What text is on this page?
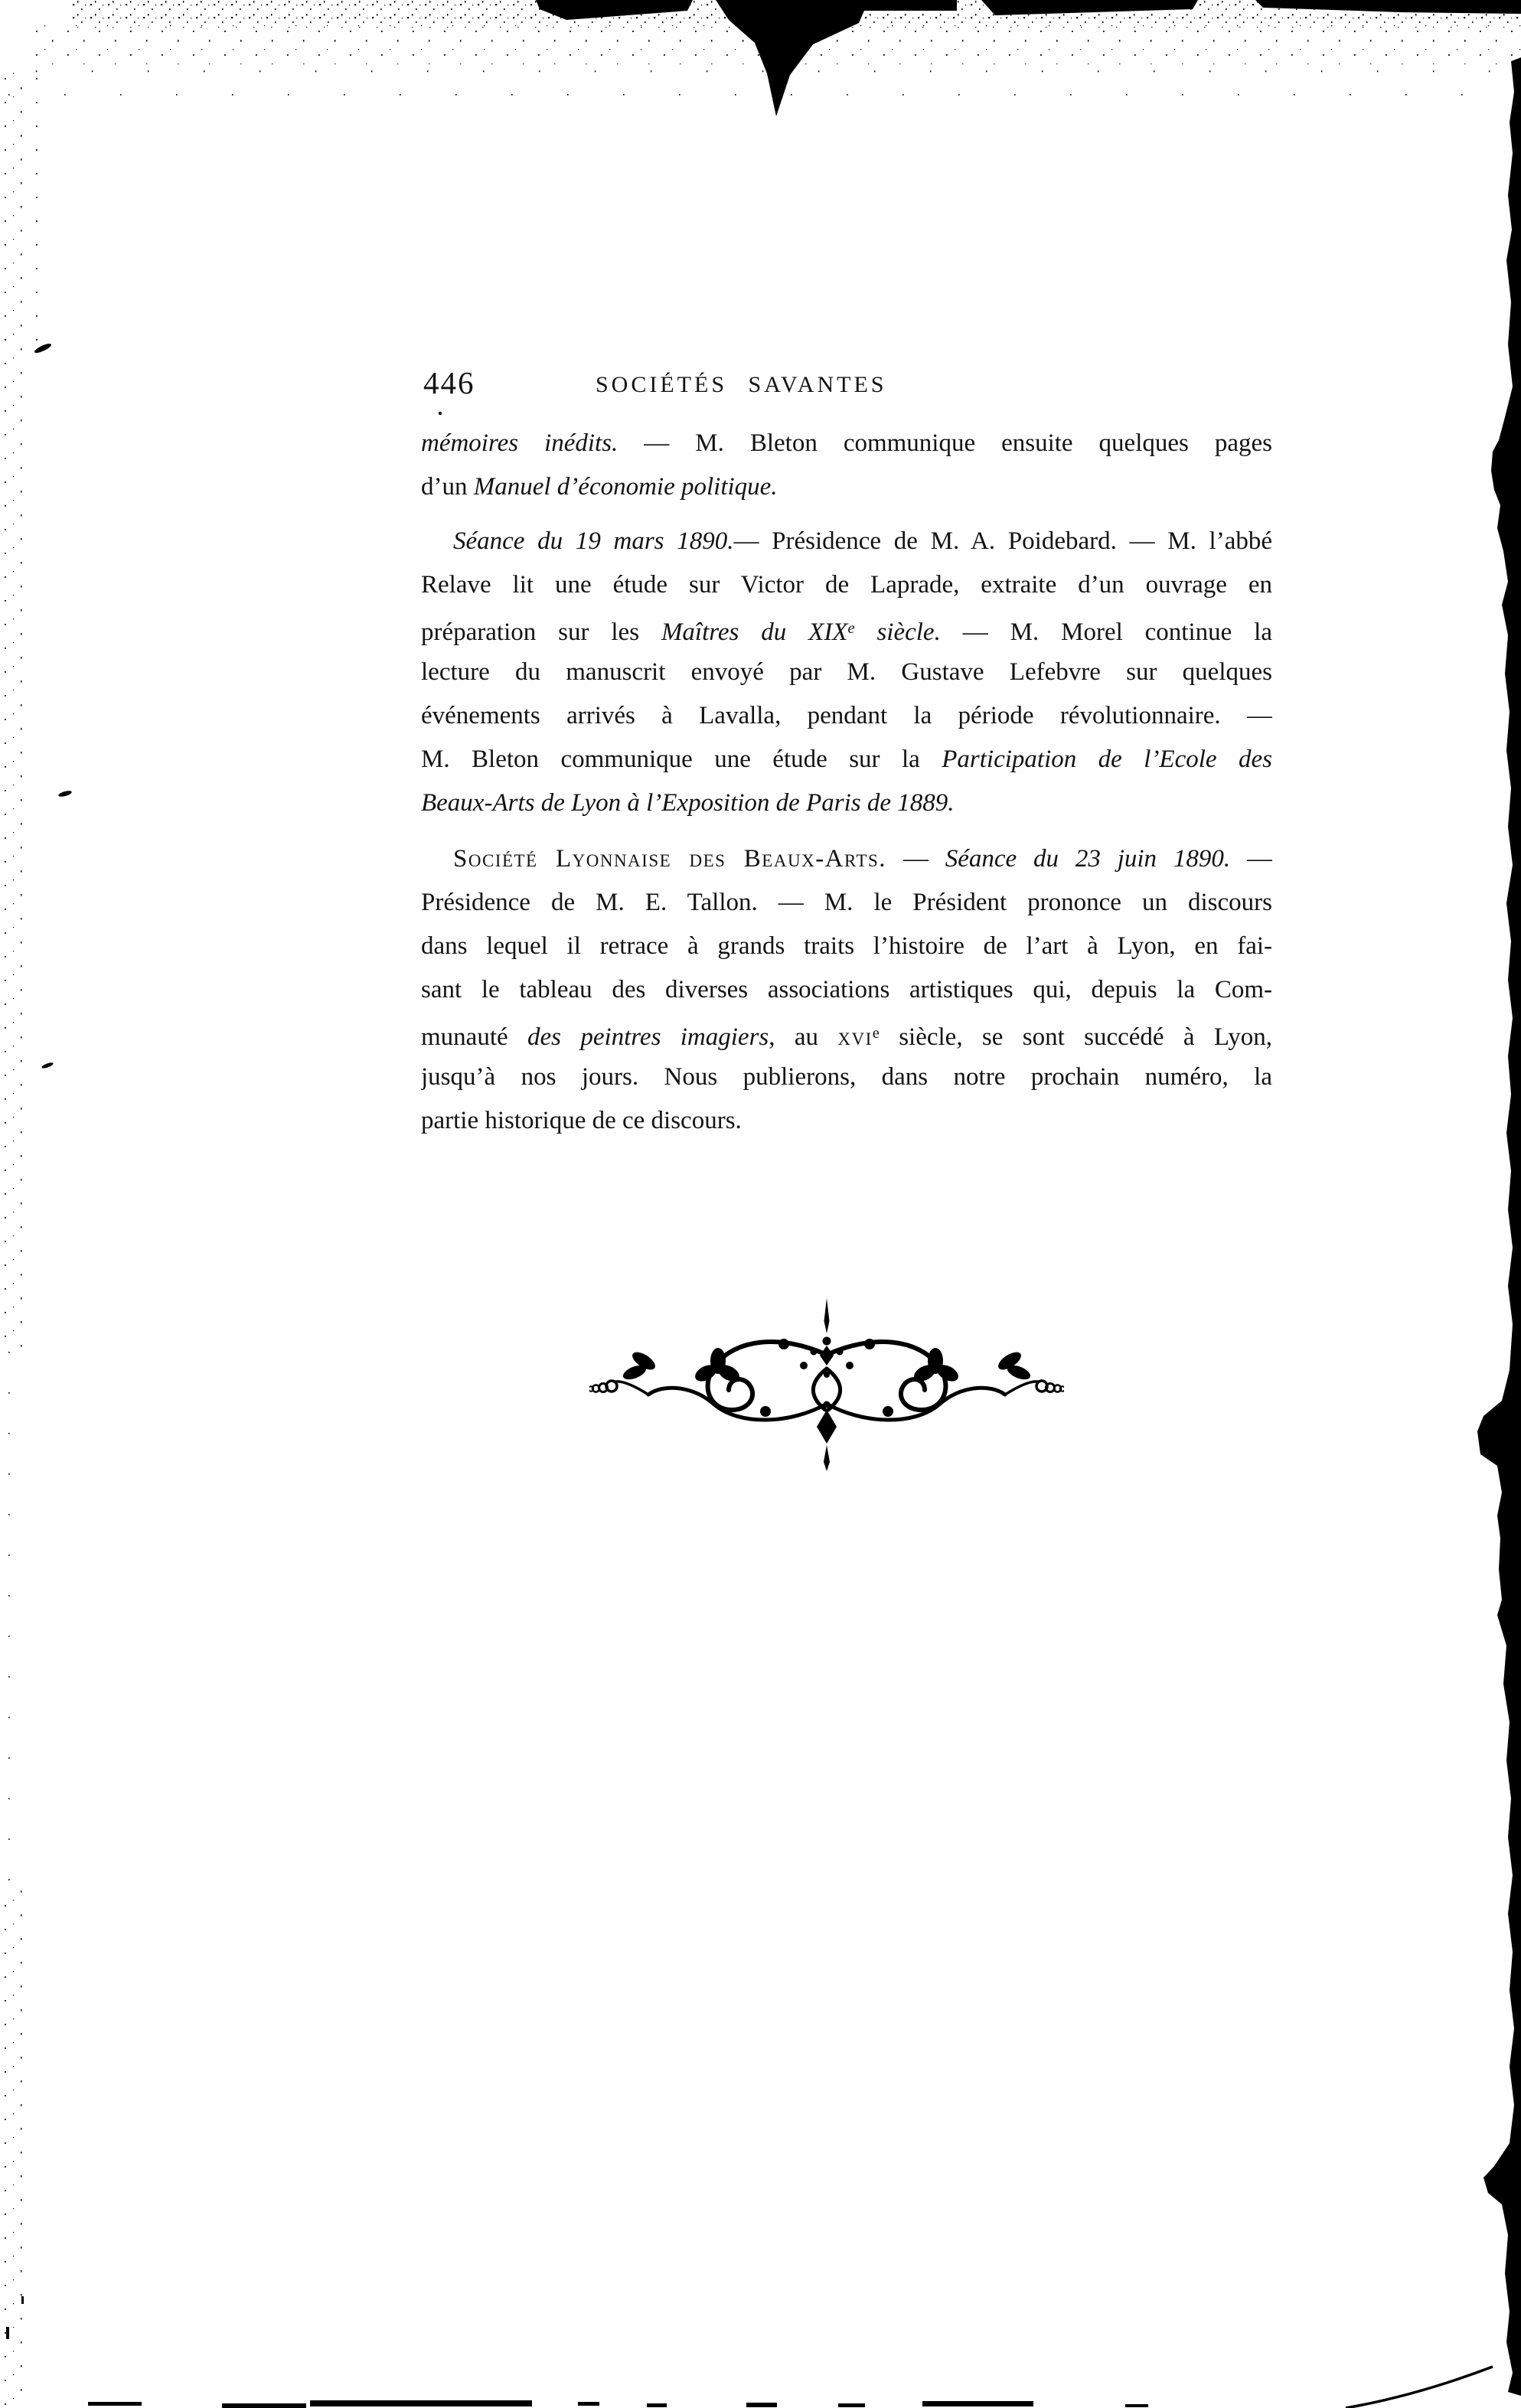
446	SOCIÉTÉS SAVANTES
mémoires inédits. — M. Bleton communique ensuite quelques pages
d’un Manuel d’économie politique.
Séance du 19 mars 1890.— Présidence de M. A. Poidebard. — M. l’abbé
Relave lit une étude sur Victor de Laprade, extraite d’un ouvrage en
préparation sur les Maîtres du XIXe siècle. — M. Morel continue la
lecture du manuscrit envoyé par M. Gustave Lefebvre sur quelques
événements arrivés à Lavalla, pendant la période révolutionnaire. —
M. Bleton communique une étude sur la Participation de l’Ecole des
Beaux-Arts de Lyon à l’Exposition de Paris de 1889.
Société Lyonnaise des Beaux-Arts. — Séance du 23 juin 1890. —
Présidence de M. E. Tallon. — M. le Président prononce un discours
dans lequel il retrace à grands traits l’histoire de l’art à Lyon, en fai-
sant le tableau des diverses associations artistiques qui, depuis la Com-
munauté des peintres imagiers, au xvi$^e$ siècle, se sont succédé à Lyon,
jusqu’à nos jours. Nous publierons, dans notre prochain numéro, la
partie historique de ce discours.
